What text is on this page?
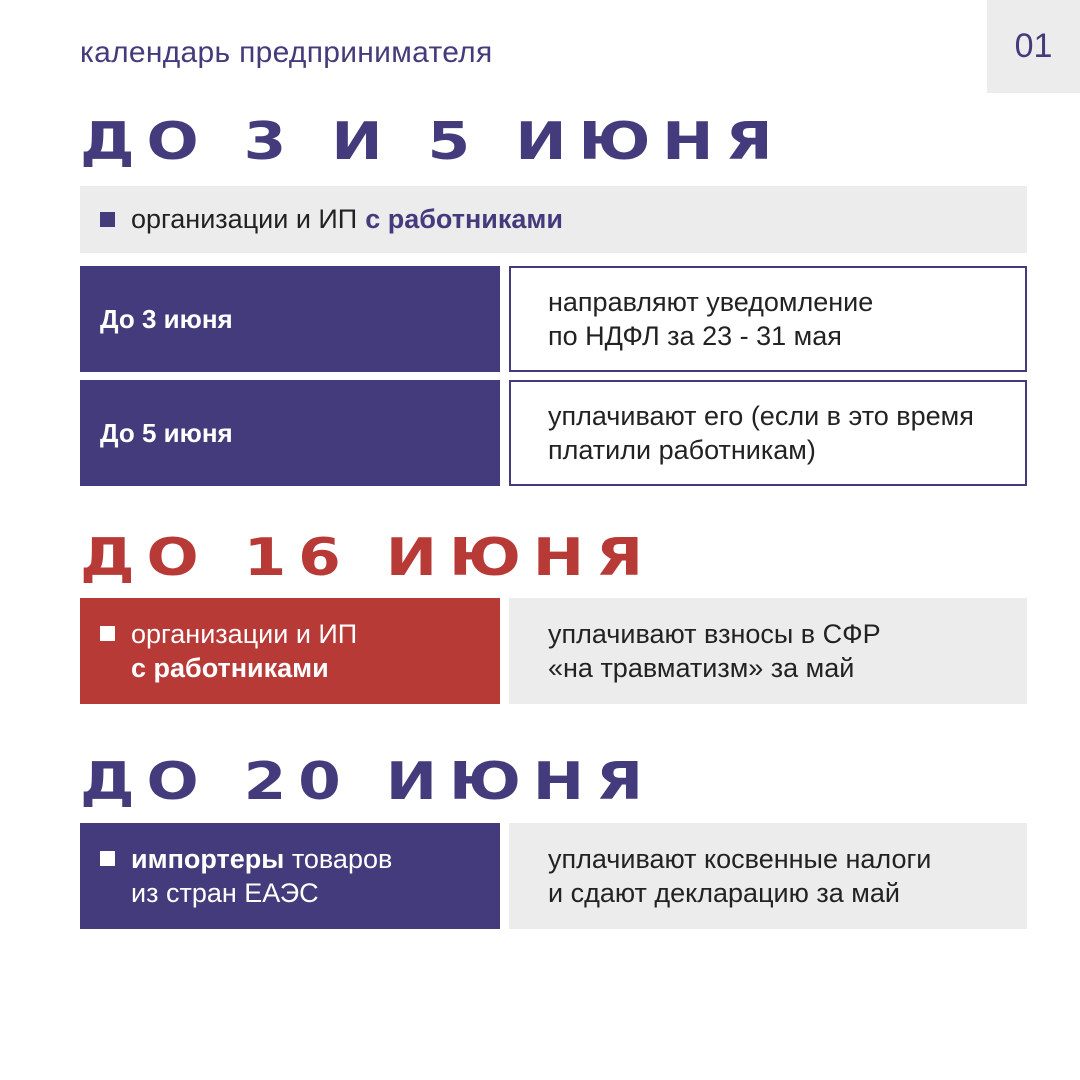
календарь предпринимателя	01
ДО 3 И 5 ИЮНЯ
организации и ИП с работниками
До 3 июня
направляют уведомление
по НДФЛ за 23 - 31 мая
До 5 июня
уплачивают его (если в это время
платили работникам)
ДО 16 ИЮНЯ
организации и ИП
с работниками
уплачивают взносы в СФР
«на травматизм» за май
ДО 20 ИЮНЯ
импортеры товаров
из стран ЕАЭС
уплачивают косвенные налоги
и сдают декларацию за май
